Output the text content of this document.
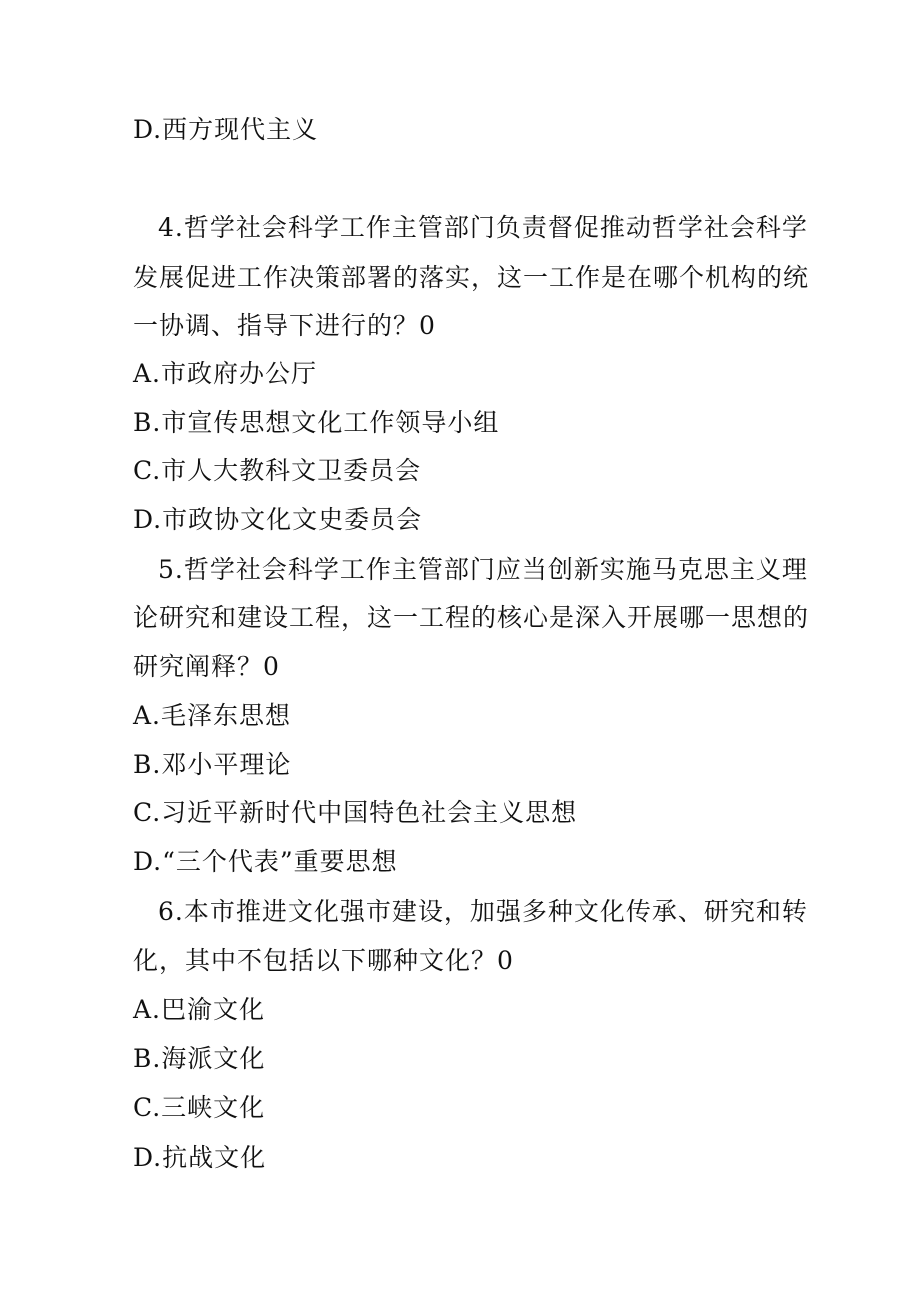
D.西方现代主义
4.哲学社会科学工作主管部门负责督促推动哲学社会科学
发展促进工作决策部署的落实，这一工作是在哪个机构的统
一协调、指导下进行的？0
A.市政府办公厅
B.市宣传思想文化工作领导小组
C.市人大教科文卫委员会
D.市政协文化文史委员会
5.哲学社会科学工作主管部门应当创新实施马克思主义理
论研究和建设工程，这一工程的核心是深入开展哪一思想的
研究阐释？0
A.毛泽东思想
B.邓小平理论
C.习近平新时代中国特色社会主义思想
D.“三个代表”重要思想
6.本市推进文化强市建设，加强多种文化传承、研究和转
化，其中不包括以下哪种文化？0
A.巴渝文化
B.海派文化
C.三峡文化
D.抗战文化
